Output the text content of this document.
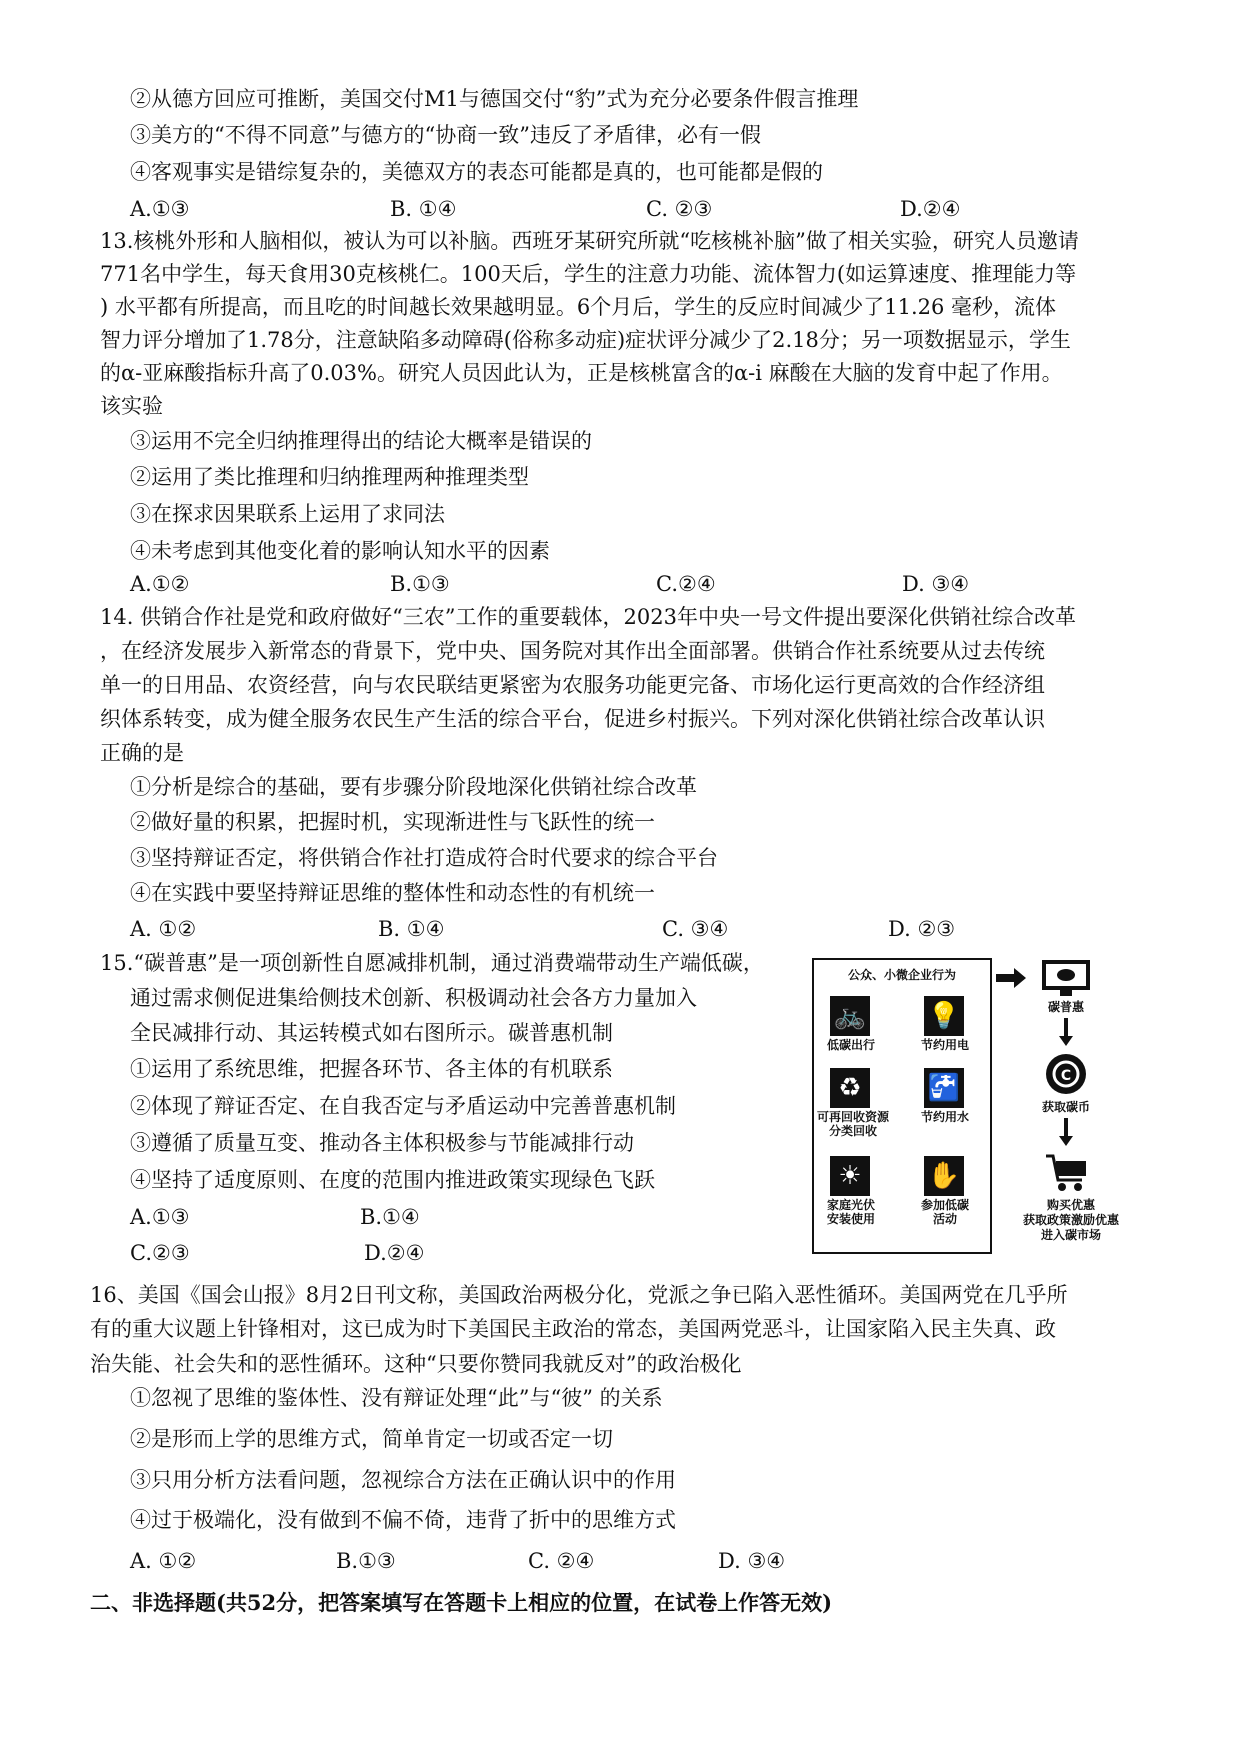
②从德方回应可推断，美国交付M1与德国交付“豹”式为充分必要条件假言推理
③美方的“不得不同意”与德方的“协商一致”违反了矛盾律，必有一假
④客观事实是错综复杂的，美德双方的表态可能都是真的，也可能都是假的
A.①③	B. ①④	C. ②③	D.②④
13.核桃外形和人脑相似，被认为可以补脑。西班牙某研究所就“吃核桃补脑”做了相关实验，研究人员邀请
771名中学生，每天食用30克核桃仁。100天后，学生的注意力功能、流体智力(如运算速度、推理能力等
) 水平都有所提高，而且吃的时间越长效果越明显。6个月后，学生的反应时间减少了11.26 毫秒，流体
智力评分增加了1.78分，注意缺陷多动障碍(俗称多动症)症状评分减少了2.18分；另一项数据显示，学生
的α-亚麻酸指标升高了0.03%。研究人员因此认为，正是核桃富含的α-i 麻酸在大脑的发育中起了作用。
该实验
③运用不完全归纳推理得出的结论大概率是错误的
②运用了类比推理和归纳推理两种推理类型
③在探求因果联系上运用了求同法
④未考虑到其他变化着的影响认知水平的因素
A.①②	B.①③	C.②④	D. ③④
14. 供销合作社是党和政府做好“三农”工作的重要载体，2023年中央一号文件提出要深化供销社综合改革
，在经济发展步入新常态的背景下，党中央、国务院对其作出全面部署。供销合作社系统要从过去传统
单一的日用品、农资经营，向与农民联结更紧密为农服务功能更完备、市场化运行更高效的合作经济组
织体系转变，成为健全服务农民生产生活的综合平台，促进乡村振兴。下列对深化供销社综合改革认识
正确的是
①分析是综合的基础，要有步骤分阶段地深化供销社综合改革
②做好量的积累，把握时机，实现渐进性与飞跃性的统一
③坚持辩证否定，将供销合作社打造成符合时代要求的综合平台
④在实践中要坚持辩证思维的整体性和动态性的有机统一
A. ①②	B. ①④	C. ③④	D. ②③
15.“碳普惠”是一项创新性自愿减排机制，通过消费端带动生产端低碳，
通过需求侧促进集给侧技术创新、积极调动社会各方力量加入
全民减排行动、其运转模式如右图所示。碳普惠机制
①运用了系统思维，把握各环节、各主体的有机联系
②体现了辩证否定、在自我否定与矛盾运动中完善普惠机制
③遵循了质量互变、推动各主体积极参与节能减排行动
④坚持了适度原则、在度的范围内推进政策实现绿色飞跃
A.①③	B.①④
C.②③	D.②④
公众、小微企业行为
🚲
低碳出行
💡
节约用电
♻
可再回收资源
分类回收
🚰
节约用水
☀
家庭光伏
安装使用
✋
参加低碳
活动
碳普惠
C
获取碳币
购买优惠
获取政策激励优惠
进入碳市场
16、美国《国会山报》8月2日刊文称，美国政治两极分化，党派之争已陷入恶性循环。美国两党在几乎所
有的重大议题上针锋相对，这已成为时下美国民主政治的常态，美国两党恶斗，让国家陷入民主失真、政
治失能、社会失和的恶性循环。这种“只要你赞同我就反对”的政治极化
①忽视了思维的鉴体性、没有辩证处理“此”与“彼” 的关系
②是形而上学的思维方式，简单肯定一切或否定一切
③只用分析方法看问题，忽视综合方法在正确认识中的作用
④过于极端化，没有做到不偏不倚，违背了折中的思维方式
A. ①②	B.①③	C. ②④	D. ③④
二、非选择题(共52分，把答案填写在答题卡上相应的位置，在试卷上作答无效)
